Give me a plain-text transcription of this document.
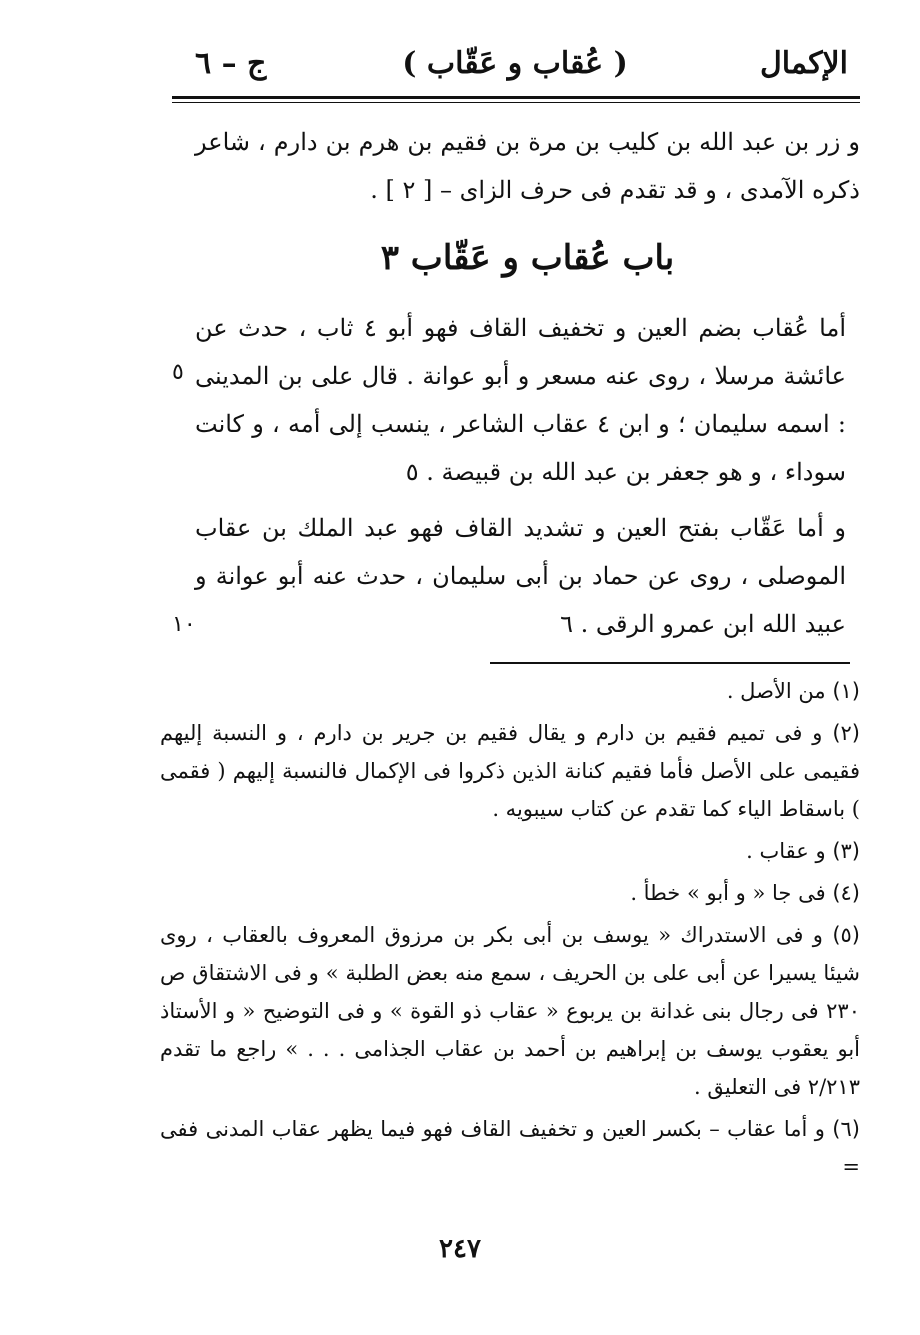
الإكمال
( عُقاب و عَقّاب )
ج – ٦

و زر بن عبد الله بن كليب بن مرة بن فقيم بن هرم بن دارم ، شاعر ذكره الآمدى ، و قد تقدم فى حرف الزاى – [ ٢ ] .

باب عُقاب و عَقّاب ٣

أما عُقاب بضم العين و تخفيف القاف فهو أبو ٤ ثاب ، حدث عن عائشة مرسلا ، روى عنه مسعر و أبو عوانة . قال على بن المدينى : اسمه سليمان ؛ و ابن ٤ عقاب الشاعر ، ينسب إلى أمه ، و كانت سوداء ، و هو جعفر بن عبد الله بن قبيصة . ٥

و أما عَقّاب بفتح العين و تشديد القاف فهو عبد الملك بن عقاب الموصلى ، روى عن حماد بن أبى سليمان ، حدث عنه أبو عوانة و عبيد الله ابن عمرو الرقى . ٦

٥
١٠

(١) من الأصل .

(٢) و فى تميم فقيم بن دارم و يقال فقيم بن جرير بن دارم ، و النسبة إليهم فقيمى على الأصل فأما فقيم كنانة الذين ذكروا فى الإكمال فالنسبة إليهم ( فقمى ) باسقاط الياء كما تقدم عن كتاب سيبويه .

(٣) و عقاب .

(٤) فى جا « و أبو » خطأ .

(٥) و فى الاستدراك « يوسف بن أبى بكر بن مرزوق المعروف بالعقاب ، روى شيئا يسيرا عن أبى على بن الحريف ، سمع منه بعض الطلبة » و فى الاشتقاق ص ٢٣٠ فى رجال بنى غدانة بن يربوع « عقاب ذو القوة » و فى التوضيح « و الأستاذ أبو يعقوب يوسف بن إبراهيم بن أحمد بن عقاب الجذامى . . . » راجع ما تقدم ٢/٢١٣ فى التعليق .

(٦) و أما عقاب – بكسر العين و تخفيف القاف فهو فيما يظهر عقاب المدنى ففى =

٢٤٧
